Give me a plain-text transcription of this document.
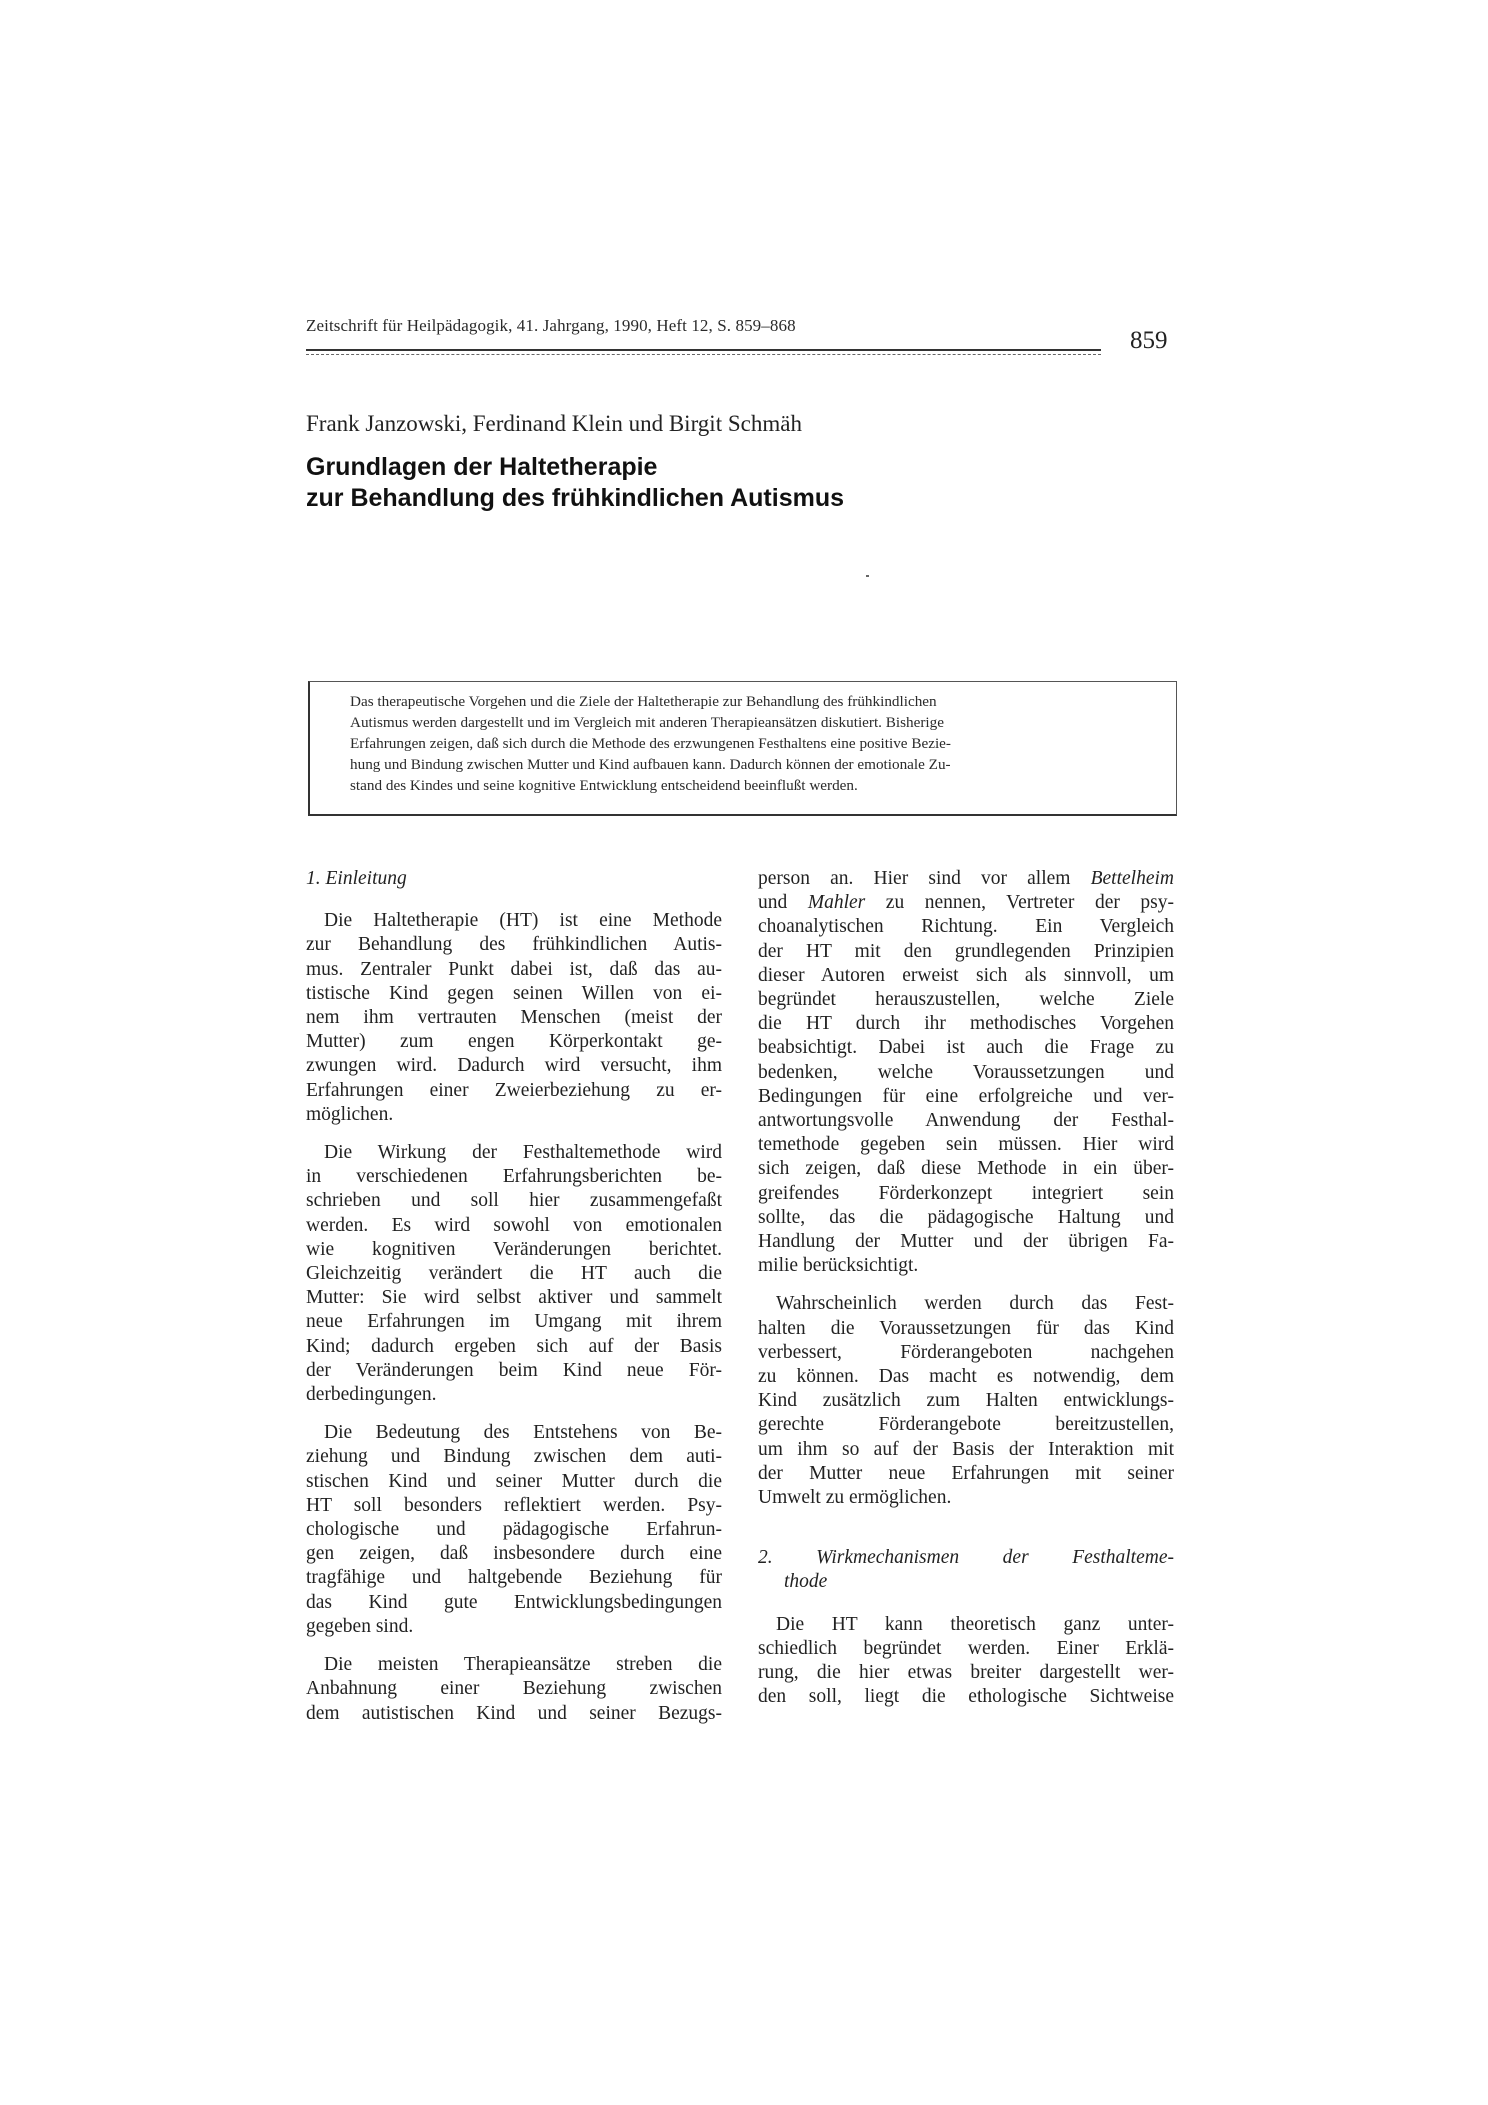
Zeitschrift für Heilpädagogik, 41. Jahrgang, 1990, Heft 12, S. 859–868
859
Frank Janzowski, Ferdinand Klein und Birgit Schmäh
Grundlagen der Haltetherapie
zur Behandlung des frühkindlichen Autismus
Das therapeutische Vorgehen und die Ziele der Haltetherapie zur Behandlung des frühkindlichen
Autismus werden dargestellt und im Vergleich mit anderen Therapieansätzen diskutiert. Bisherige
Erfahrungen zeigen, daß sich durch die Methode des erzwungenen Festhaltens eine positive Bezie-
hung und Bindung zwischen Mutter und Kind aufbauen kann. Dadurch können der emotionale Zu-
stand des Kindes und seine kognitive Entwicklung entscheidend beeinflußt werden.
1. Einleitung

Die Haltetherapie (HT) ist eine Methode
zur Behandlung des frühkindlichen Autis-
mus. Zentraler Punkt dabei ist, daß das au-
tistische Kind gegen seinen Willen von ei-
nem ihm vertrauten Menschen (meist der
Mutter) zum engen Körperkontakt ge-
zwungen wird. Dadurch wird versucht, ihm
Erfahrungen einer Zweierbeziehung zu er-
möglichen.

Die Wirkung der Festhaltemethode wird
in verschiedenen Erfahrungsberichten be-
schrieben und soll hier zusammengefaßt
werden. Es wird sowohl von emotionalen
wie kognitiven Veränderungen berichtet.
Gleichzeitig verändert die HT auch die
Mutter: Sie wird selbst aktiver und sammelt
neue Erfahrungen im Umgang mit ihrem
Kind; dadurch ergeben sich auf der Basis
der Veränderungen beim Kind neue För-
derbedingungen.

Die Bedeutung des Entstehens von Be-
ziehung und Bindung zwischen dem auti-
stischen Kind und seiner Mutter durch die
HT soll besonders reflektiert werden. Psy-
chologische und pädagogische Erfahrun-
gen zeigen, daß insbesondere durch eine
tragfähige und haltgebende Beziehung für
das Kind gute Entwicklungsbedingungen
gegeben sind.

Die meisten Therapieansätze streben die
Anbahnung einer Beziehung zwischen
dem autistischen Kind und seiner Bezugs-

person an. Hier sind vor allem Bettelheim
und Mahler zu nennen, Vertreter der psy-
choanalytischen Richtung. Ein Vergleich
der HT mit den grundlegenden Prinzipien
dieser Autoren erweist sich als sinnvoll, um
begründet herauszustellen, welche Ziele
die HT durch ihr methodisches Vorgehen
beabsichtigt. Dabei ist auch die Frage zu
bedenken, welche Voraussetzungen und
Bedingungen für eine erfolgreiche und ver-
antwortungsvolle Anwendung der Festhal-
temethode gegeben sein müssen. Hier wird
sich zeigen, daß diese Methode in ein über-
greifendes Förderkonzept integriert sein
sollte, das die pädagogische Haltung und
Handlung der Mutter und der übrigen Fa-
milie berücksichtigt.

Wahrscheinlich werden durch das Fest-
halten die Voraussetzungen für das Kind
verbessert, Förderangeboten nachgehen
zu können. Das macht es notwendig, dem
Kind zusätzlich zum Halten entwicklungs-
gerechte Förderangebote bereitzustellen,
um ihm so auf der Basis der Interaktion mit
der Mutter neue Erfahrungen mit seiner
Umwelt zu ermöglichen.

2. Wirkmechanismen der Festhalteme-
thode

Die HT kann theoretisch ganz unter-
schiedlich begründet werden. Einer Erklä-
rung, die hier etwas breiter dargestellt wer-
den soll, liegt die ethologische Sichtweise
